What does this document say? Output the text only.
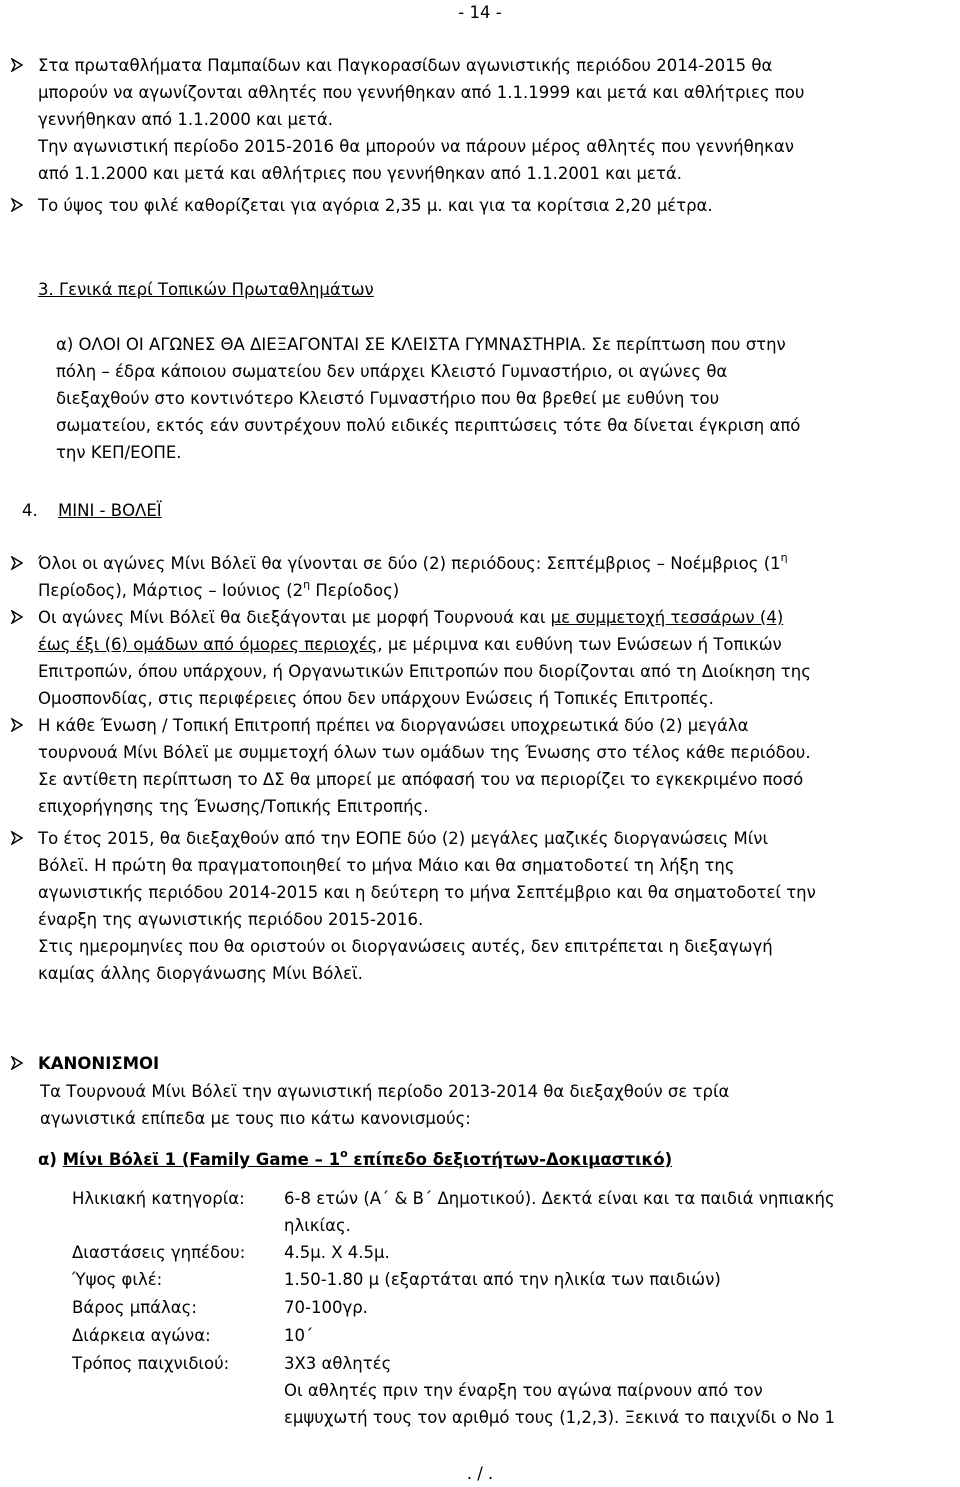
- 14 -
Στα πρωταθλήματα Παμπαίδων και Παγκορασίδων αγωνιστικής περιόδου 2014-2015 θα
μπορούν να αγωνίζονται αθλητές που γεννήθηκαν από 1.1.1999 και μετά και αθλήτριες που
γεννήθηκαν από 1.1.2000 και μετά.
Την αγωνιστική περίοδο 2015-2016 θα μπορούν να πάρουν μέρος αθλητές που γεννήθηκαν
από 1.1.2000 και μετά και αθλήτριες που γεννήθηκαν από 1.1.2001 και μετά.
Το ύψος του φιλέ καθορίζεται για αγόρια 2,35 μ. και για τα κορίτσια 2,20 μέτρα.
3. Γενικά περί Τοπικών Πρωταθλημάτων
α) ΟΛΟΙ ΟΙ ΑΓΩΝΕΣ ΘΑ ΔΙΕΞΑΓΟΝΤΑΙ ΣΕ ΚΛΕΙΣΤΑ ΓΥΜΝΑΣΤΗΡΙΑ. Σε περίπτωση που στην
πόλη – έδρα κάποιου σωματείου δεν υπάρχει Κλειστό Γυμναστήριο, οι αγώνες θα
διεξαχθούν στο κοντινότερο Κλειστό Γυμναστήριο που θα βρεθεί με ευθύνη του
σωματείου, εκτός εάν συντρέχουν πολύ ειδικές περιπτώσεις τότε θα δίνεται έγκριση από
την ΚΕΠ/ΕΟΠΕ.
4. ΜΙΝΙ - ΒΟΛΕΪ
Όλοι οι αγώνες Μίνι Βόλεϊ θα γίνονται σε δύο (2) περιόδους: Σεπτέμβριος – Νοέμβριος ($1^\eta$
Περίοδος), Μάρτιος – Ιούνιος ($2^\eta$ Περίοδος)
Οι αγώνες Μίνι Βόλεϊ θα διεξάγονται με μορφή Τουρνουά και με συμμετοχή τεσσάρων (4)
έως έξι (6) ομάδων από όμορες περιοχές, με μέριμνα και ευθύνη των Ενώσεων ή Τοπικών
Επιτροπών, όπου υπάρχουν, ή Οργανωτικών Επιτροπών που διορίζονται από τη Διοίκηση της
Ομοσπονδίας, στις περιφέρειες όπου δεν υπάρχουν Ενώσεις ή Τοπικές Επιτροπές.
Η κάθε Ένωση / Τοπική Επιτροπή πρέπει να διοργανώσει υποχρεωτικά δύο (2) μεγάλα
τουρνουά Μίνι Βόλεϊ με συμμετοχή όλων των ομάδων της Ένωσης στο τέλος κάθε περιόδου.
Σε αντίθετη περίπτωση το ΔΣ θα μπορεί με απόφασή του να περιορίζει το εγκεκριμένο ποσό
επιχορήγησης της Ένωσης/Τοπικής Επιτροπής.
Το έτος 2015, θα διεξαχθούν από την ΕΟΠΕ δύο (2) μεγάλες μαζικές διοργανώσεις Μίνι
Βόλεϊ. Η πρώτη θα πραγματοποιηθεί το μήνα Μάιο και θα σηματοδοτεί τη λήξη της
αγωνιστικής περιόδου 2014-2015 και η δεύτερη το μήνα Σεπτέμβριο και θα σηματοδοτεί την
έναρξη της αγωνιστικής περιόδου 2015-2016.
Στις ημερομηνίες που θα οριστούν οι διοργανώσεις αυτές, δεν επιτρέπεται η διεξαγωγή
καμίας άλλης διοργάνωσης Μίνι Βόλεϊ.
ΚΑΝΟΝΙΣΜΟΙ
Τα Τουρνουά Μίνι Βόλεϊ την αγωνιστική περίοδο 2013-2014 θα διεξαχθούν σε τρία
αγωνιστικά επίπεδα με τους πιο κάτω κανονισμούς:
α) Μίνι Βόλεϊ 1 (Family Game – $1^o$ επίπεδο δεξιοτήτων-Δοκιμαστικό)
Ηλικιακή κατηγορία: 6-8 ετών (Α΄ & Β΄ Δημοτικού). Δεκτά είναι και τα παιδιά νηπιακής
ηλικίας.
Διαστάσεις γηπέδου: 4.5μ. Χ 4.5μ.
Ύψος φιλέ:	1.50-1.80 μ (εξαρτάται από την ηλικία των παιδιών)
Βάρος μπάλας:	70-100γρ.
Διάρκεια αγώνα:	10΄
Τρόπος παιχνιδιού:	3Χ3 αθλητές
Οι αθλητές πριν την έναρξη του αγώνα παίρνουν από τον
εμψυχωτή τους τον αριθμό τους (1,2,3). Ξεκινά το παιχνίδι ο Νο 1
. / .
